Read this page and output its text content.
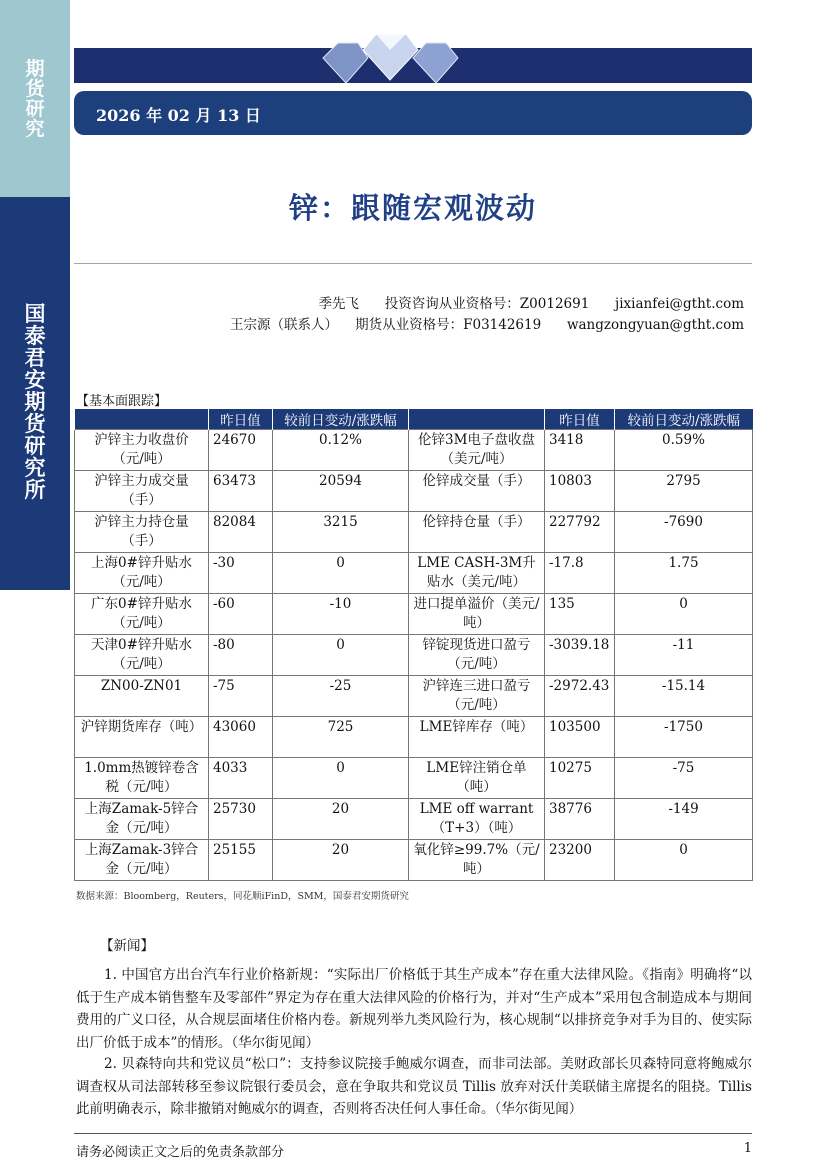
期
货
研
究
国
泰
君
安
期
货
研
究
所
2026 年 02 月 13 日
锌：跟随宏观波动
季先飞      投资咨询从业资格号：Z0012691      jixianfei@gtht.com
王宗源（联系人）    期货从业资格号：F03142619      wangzongyuan@gtht.com
【基本面跟踪】
	昨日值	较前日变动/涨跌幅		昨日值	较前日变动/涨跌幅
沪锌主力收盘价（元/吨）	24670	0.12%	伦锌3M电子盘收盘（美元/吨）	3418	0.59%
沪锌主力成交量（手）	63473	20594	伦锌成交量（手）	10803	2795
沪锌主力持仓量（手）	82084	3215	伦锌持仓量（手）	227792	-7690
上海0#锌升贴水（元/吨）	-30	0	LME CASH-3M升贴水（美元/吨）	-17.8	1.75
广东0#锌升贴水（元/吨）	-60	-10	进口提单溢价（美元/吨）	135	0
天津0#锌升贴水（元/吨）	-80	0	锌锭现货进口盈亏（元/吨）	-3039.18	-11
ZN00-ZN01	-75	-25	沪锌连三进口盈亏（元/吨）	-2972.43	-15.14
沪锌期货库存（吨）	43060	725	LME锌库存（吨）	103500	-1750
1.0mm热镀锌卷含税（元/吨）	4033	0	LME锌注销仓单（吨）	10275	-75
上海Zamak-5锌合金（元/吨）	25730	20	LME off warrant（T+3）（吨）	38776	-149
上海Zamak-3锌合金（元/吨）	25155	20	氧化锌≥99.7%（元/吨）	23200	0
数据来源：Bloomberg，Reuters，同花顺iFinD，SMM，国泰君安期货研究
【新闻】
1. 中国官方出台汽车行业价格新规：“实际出厂价格低于其生产成本”存在重大法律风险。《指南》明确将“以低于生产成本销售整车及零部件”界定为存在重大法律风险的价格行为，并对“生产成本”采用包含制造成本与期间费用的广义口径，从合规层面堵住价格内卷。新规列举九类风险行为，核心规制“以排挤竞争对手为目的、使实际出厂价低于成本”的情形。（华尔街见闻）
2. 贝森特向共和党议员“松口”：支持参议院接手鲍威尔调查，而非司法部。美财政部长贝森特同意将鲍威尔调查权从司法部转移至参议院银行委员会，意在争取共和党议员 Tillis 放弃对沃什美联储主席提名的阻挠。Tillis 此前明确表示，除非撤销对鲍威尔的调查，否则将否决任何人事任命。（华尔街见闻）
请务必阅读正文之后的免责条款部分	1
